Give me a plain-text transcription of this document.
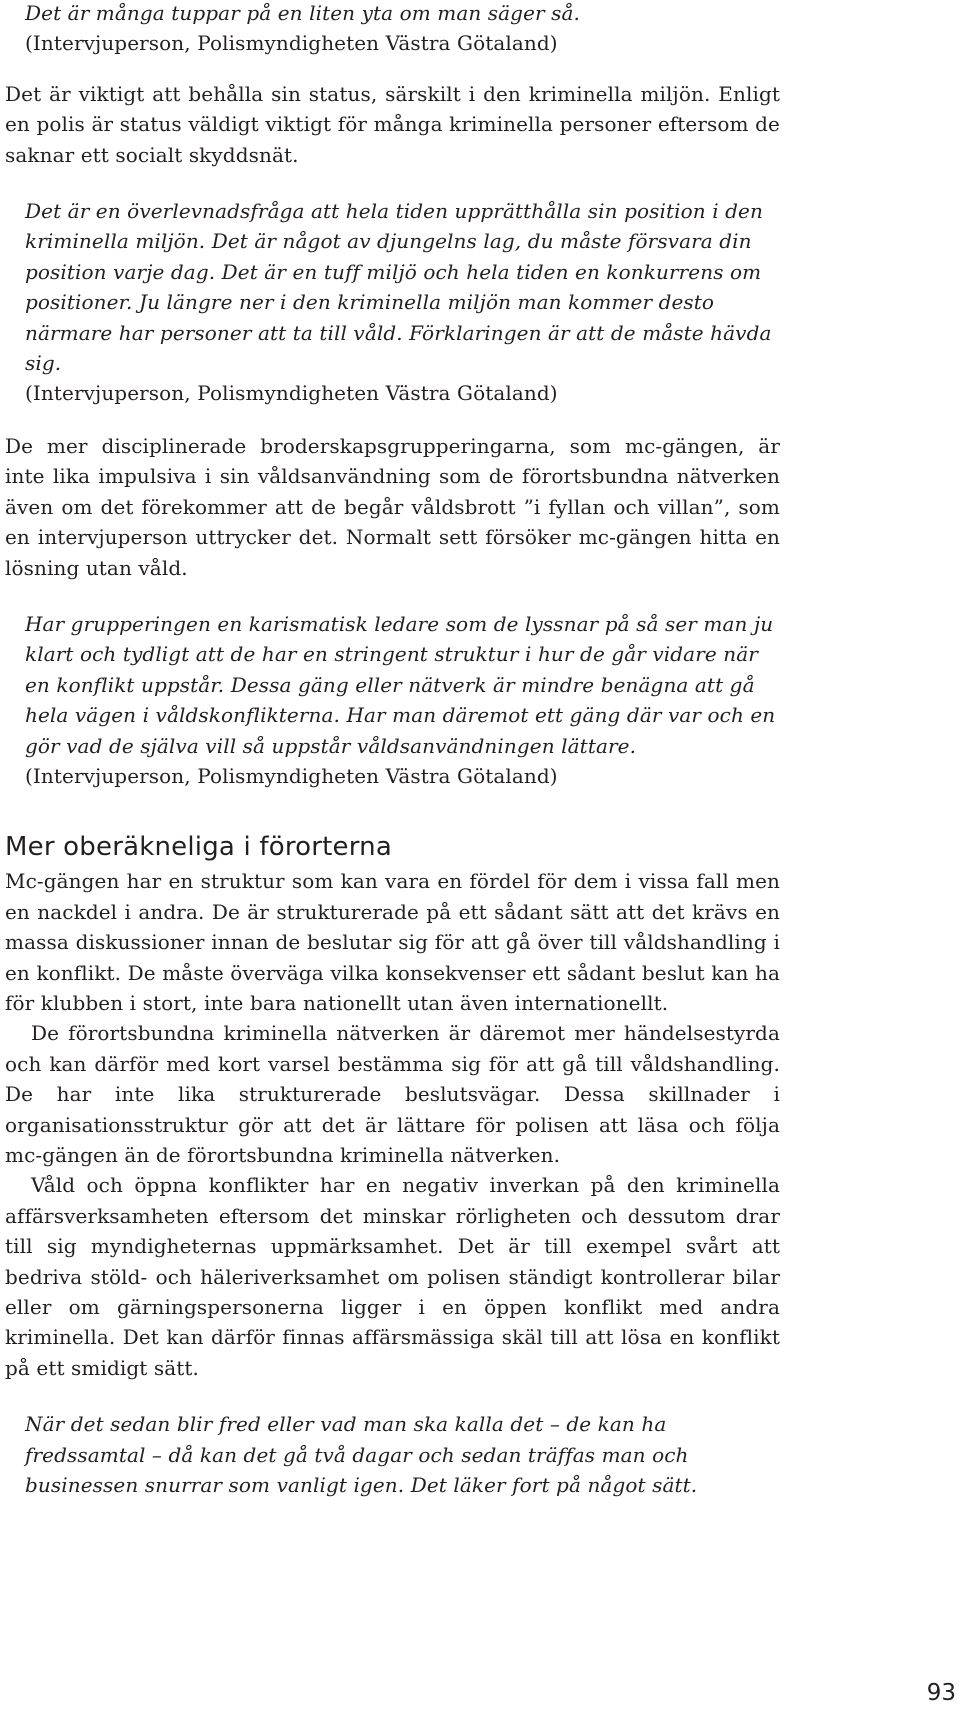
Det är många tuppar på en liten yta om man säger så.

(Intervjuperson, Polismyndigheten Västra Götaland)

Det är viktigt att behålla sin status, särskilt i den kriminella miljön. Enligt en polis är status väldigt viktigt för många kriminella personer eftersom de saknar ett socialt skyddsnät.

Det är en överlevnadsfråga att hela tiden upprätthålla sin position i den kriminella miljön. Det är något av djungelns lag, du måste försvara din position varje dag. Det är en tuff miljö och hela tiden en konkurrens om positioner. Ju längre ner i den kriminella miljön man kommer desto närmare har personer att ta till våld. Förklaringen är att de måste hävda sig.

(Intervjuperson, Polismyndigheten Västra Götaland)

De mer disciplinerade broderskapsgrupperingarna, som mc-gängen, är inte lika impulsiva i sin våldsanvändning som de förortsbundna nätverken även om det förekommer att de begår våldsbrott ”i fyllan och villan”, som en intervjuperson uttrycker det. Normalt sett försöker mc-gängen hitta en lösning utan våld.

Har grupperingen en karismatisk ledare som de lyssnar på så ser man ju klart och tydligt att de har en stringent struktur i hur de går vidare när en konflikt uppstår. Dessa gäng eller nätverk är mindre benägna att gå hela vägen i våldskonflikterna. Har man däremot ett gäng där var och en gör vad de själva vill så uppstår våldsanvändningen lättare.

(Intervjuperson, Polismyndigheten Västra Götaland)

Mer oberäkneliga i förorterna

Mc-gängen har en struktur som kan vara en fördel för dem i vissa fall men en nackdel i andra. De är strukturerade på ett sådant sätt att det krävs en massa diskussioner innan de beslutar sig för att gå över till våldshandling i en konflikt. De måste överväga vilka konsekvenser ett sådant beslut kan ha för klubben i stort, inte bara nationellt utan även internationellt.

De förortsbundna kriminella nätverken är däremot mer händelsestyrda och kan därför med kort varsel bestämma sig för att gå till våldshandling. De har inte lika strukturerade beslutsvägar. Dessa skillnader i organisationsstruktur gör att det är lättare för polisen att läsa och följa mc-gängen än de förortsbundna kriminella nätverken.

Våld och öppna konflikter har en negativ inverkan på den kriminella affärsverksamheten eftersom det minskar rörligheten och dessutom drar till sig myndigheternas uppmärksamhet. Det är till exempel svårt att bedriva stöld- och häleriverksamhet om polisen ständigt kontrollerar bilar eller om gärningspersonerna ligger i en öppen konflikt med andra kriminella. Det kan därför finnas affärsmässiga skäl till att lösa en konflikt på ett smidigt sätt.

När det sedan blir fred eller vad man ska kalla det – de kan ha fredssamtal – då kan det gå två dagar och sedan träffas man och businessen snurrar som vanligt igen. Det läker fort på något sätt.

93
